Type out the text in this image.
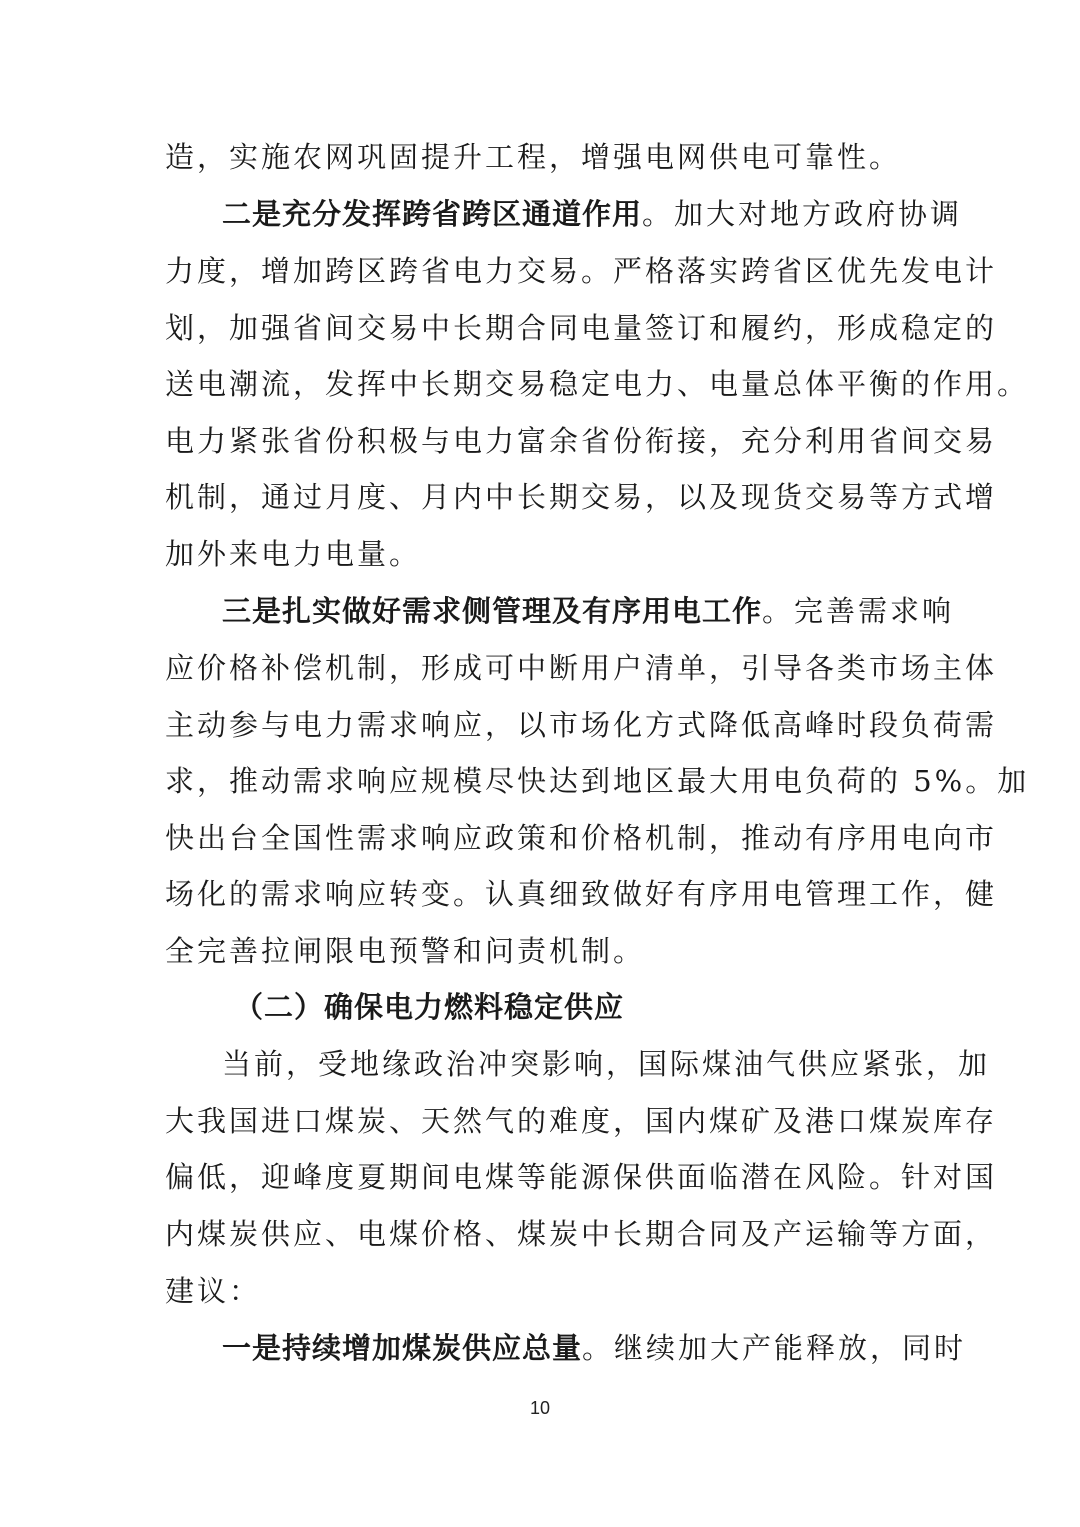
造，实施农网巩固提升工程，增强电网供电可靠性。
二是充分发挥跨省跨区通道作用。加大对地方政府协调
力度，增加跨区跨省电力交易。严格落实跨省区优先发电计
划，加强省间交易中长期合同电量签订和履约，形成稳定的
送电潮流，发挥中长期交易稳定电力、电量总体平衡的作用。
电力紧张省份积极与电力富余省份衔接，充分利用省间交易
机制，通过月度、月内中长期交易，以及现货交易等方式增
加外来电力电量。
三是扎实做好需求侧管理及有序用电工作。完善需求响
应价格补偿机制，形成可中断用户清单，引导各类市场主体
主动参与电力需求响应，以市场化方式降低高峰时段负荷需
求，推动需求响应规模尽快达到地区最大用电负荷的 5%。加
快出台全国性需求响应政策和价格机制，推动有序用电向市
场化的需求响应转变。认真细致做好有序用电管理工作，健
全完善拉闸限电预警和问责机制。
（二）确保电力燃料稳定供应
当前，受地缘政治冲突影响，国际煤油气供应紧张，加
大我国进口煤炭、天然气的难度，国内煤矿及港口煤炭库存
偏低，迎峰度夏期间电煤等能源保供面临潜在风险。针对国
内煤炭供应、电煤价格、煤炭中长期合同及产运输等方面，
建议：
一是持续增加煤炭供应总量。继续加大产能释放，同时
10
